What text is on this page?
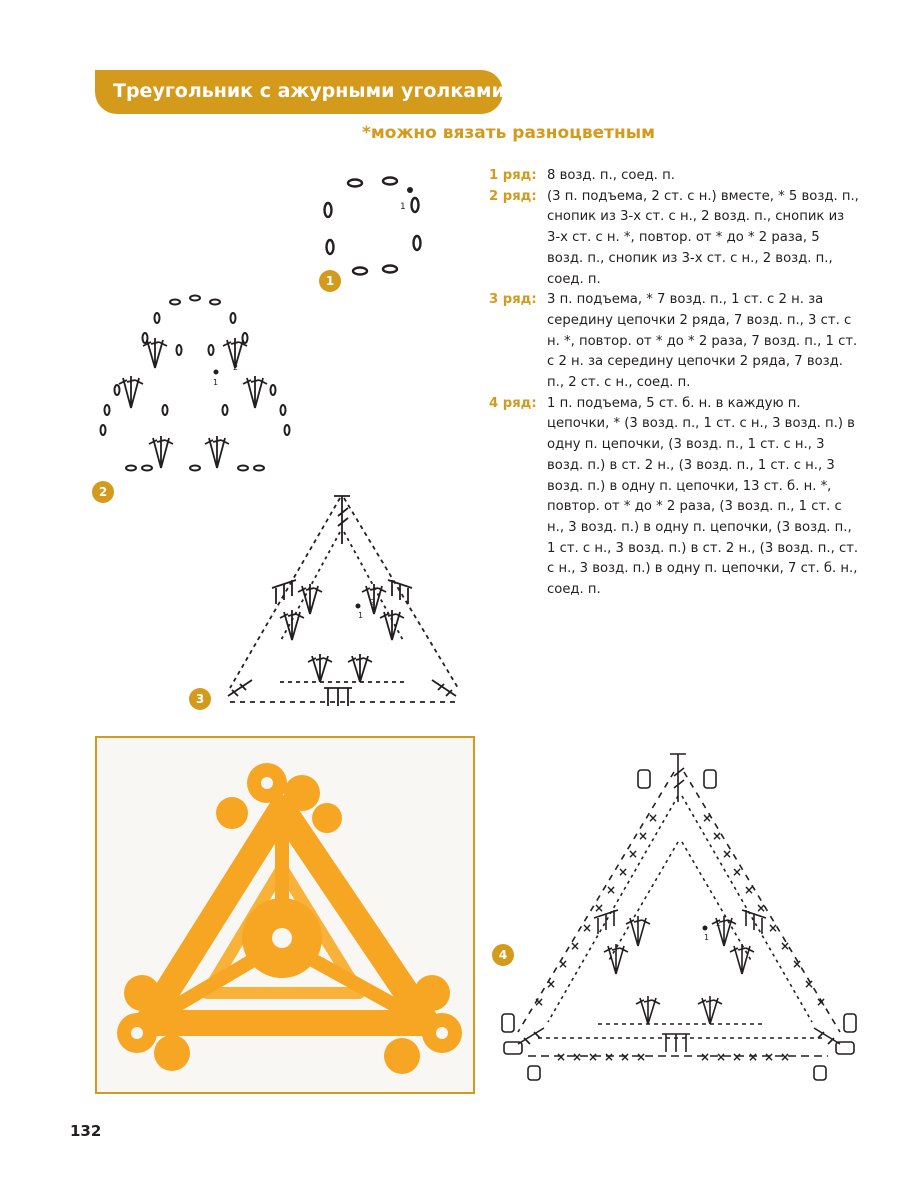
Треугольник с ажурными уголками
*можно вязать разноцветным
1 ряд: 8 возд. п., соед. п.
2 ряд: (3 п. подъема, 2 ст. с н.) вместе, * 5 возд. п., снопик из 3-х ст. с н., 2 возд. п., снопик из 3-х ст. с н. *, повтор. от * до * 2 раза, 5 возд. п., снопик из 3-х ст. с н., 2 возд. п., соед. п.
3 ряд: 3 п. подъема, * 7 возд. п., 1 ст. с 2 н. за середину цепочки 2 ряда, 7 возд. п., 3 ст. с н. *, повтор. от * до * 2 раза, 7 возд. п., 1 ст. с 2 н. за середину цепочки 2 ряда, 7 возд. п., 2 ст. с н., соед. п.
4 ряд: 1 п. подъема, 5 ст. б. н. в каждую п. цепочки, * (3 возд. п., 1 ст. с н., 3 возд. п.) в одну п. цепочки, (3 возд. п., 1 ст. с н., 3 возд. п.) в ст. 2 н., (3 возд. п., 1 ст. с н., 3 возд. п.) в одну п. цепочки, 13 ст. б. н. *, повтор. от * до * 2 раза, (3 возд. п., 1 ст. с н., 3 возд. п.) в одну п. цепочки, (3 возд. п., 1 ст. с н., 3 возд. п.) в ст. 2 н., (3 возд. п., ст. с н., 3 возд. п.) в одну п. цепочки, 7 ст. б. н., соед. п.
1
1
2
1
2
2
1
3
×
×
×
×
×
×
×
×
×
×
×
×
×
×
×
×
×
×
×
×
×
×
× × × × × ×	× × × × × ×
2
1
4
132
